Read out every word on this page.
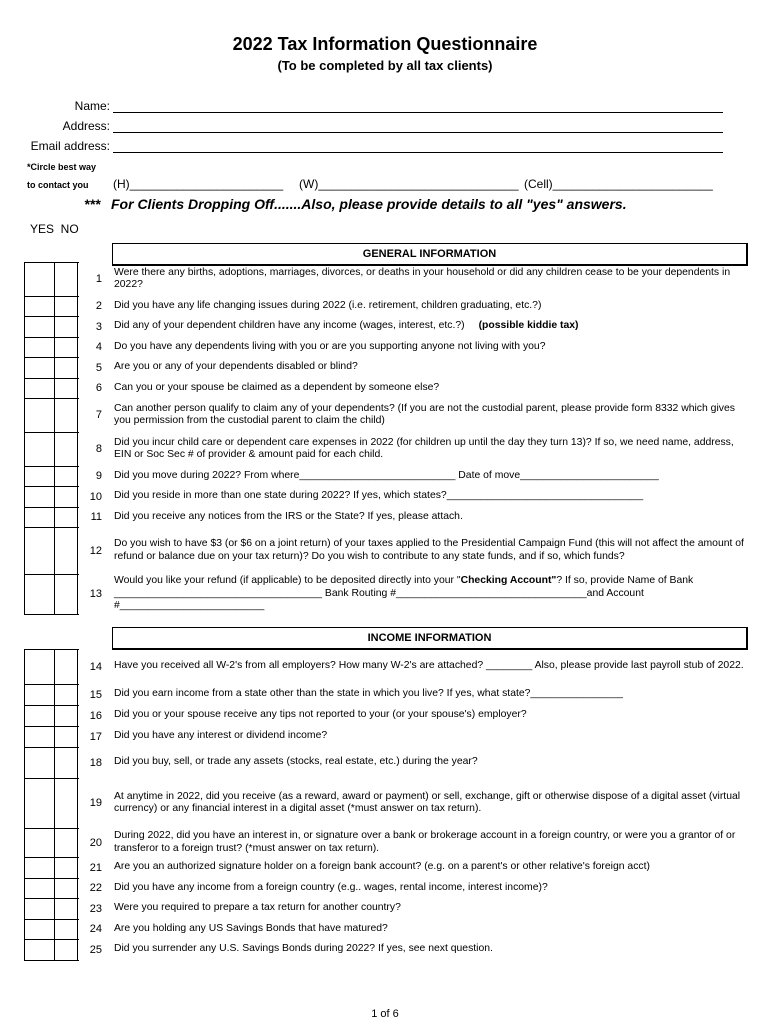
2022 Tax Information Questionnaire
(To be completed by all tax clients)
Name:
Address:
Email address:
*Circle best way
to contact you (H)_______________________ (W)______________________________ (Cell)________________________
*** For Clients Dropping Off.......Also, please provide details to all "yes" answers.
YES  NO
GENERAL INFORMATION
INCOME INFORMATION
1
Were there any births, adoptions, marriages, divorces, or deaths in your household or did any children cease to be your dependents in 2022?
2 Did you have any life changing issues during 2022 (i.e. retirement, children graduating, etc.?)
3 Did any of your dependent children have any income (wages, interest, etc.?) (possible kiddie tax)
4 Do you have any dependents living with you or are you supporting anyone not living with you?
5 Are you or any of your dependents disabled or blind?
6 Can you or your spouse be claimed as a dependent by someone else?
7
Can another person qualify to claim any of your dependents? (If you are not the custodial parent, please provide form 8332 which gives you permission from the custodial parent to claim the child)
8
Did you incur child care or dependent care expenses in 2022 (for children up until the day they turn 13)? If so, we need name, address, EIN or Soc Sec # of provider & amount paid for each child.
9 Did you move during 2022? From where___________________________ Date of move________________________
10 Did you reside in more than one state during 2022? If yes, which states?__________________________________
11 Did you receive any notices from the IRS or the State? If yes, please attach.
12
Do you wish to have $3 (or $6 on a joint return) of your taxes applied to the Presidential Campaign Fund (this will not affect the amount of refund or balance due on your tax return)? Do you wish to contribute to any state funds, and if so, which funds?
13
Would you like your refund (if applicable) to be deposited directly into your "Checking Account"? If so, provide Name of Bank ____________________________________ Bank Routing #_________________________________and Account #_________________________
14 Have you received all W-2's from all employers? How many W-2's are attached? ________ Also, please provide last payroll stub of 2022.
15 Did you earn income from a state other than the state in which you live? If yes, what state?________________
16 Did you or your spouse receive any tips not reported to your (or your spouse's) employer?
17 Did you have any interest or dividend income?
18 Did you buy, sell, or trade any assets (stocks, real estate, etc.) during the year?
19
At anytime in 2022, did you receive (as a reward, award or payment) or sell, exchange, gift or otherwise dispose of a digital asset (virtual currency) or any financial interest in a digital asset (*must answer on tax return).
20
During 2022, did you have an interest in, or signature over a bank or brokerage account in a foreign country, or were you a grantor of or transferor to a foreign trust? (*must answer on tax return).
21 Are you an authorized signature holder on a foreign bank account? (e.g. on a parent's or other relative's foreign acct)
22 Did you have any income from a foreign country (e.g.. wages, rental income, interest income)?
23 Were you required to prepare a tax return for another country?
24 Are you holding any US Savings Bonds that have matured?
25 Did you surrender any U.S. Savings Bonds during 2022? If yes, see next question.
1 of 6
